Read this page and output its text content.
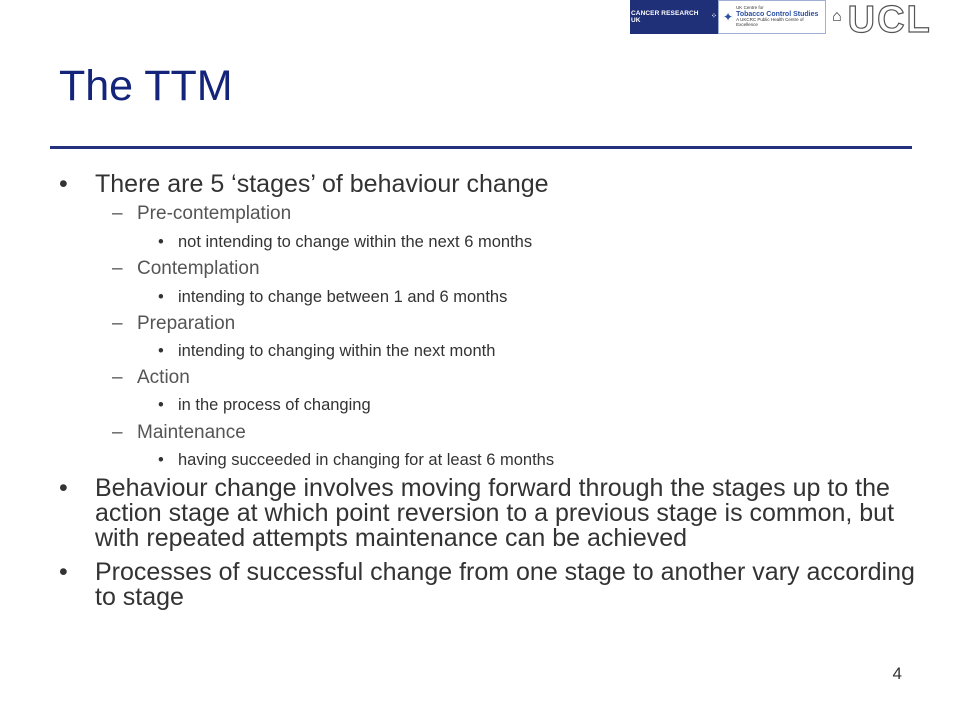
CANCER RESEARCH UK
⁘ ✦
UK Centre for
Tobacco Control Studies
A UKCRC Public Health Centre of Excellence	⌂ UCL
The TTM
• There are 5 ‘stages’ of behaviour change
– Pre-contemplation
• not intending to change within the next 6 months
– Contemplation
• intending to change between 1 and 6 months
– Preparation
• intending to changing within the next month
– Action
• in the process of changing
– Maintenance
• having succeeded in changing for at least 6 months
• Behaviour change involves moving forward through the stages up to the action stage at which point reversion to a previous stage is common, but with repeated attempts maintenance can be achieved
• Processes of successful change from one stage to another vary according to stage
4
